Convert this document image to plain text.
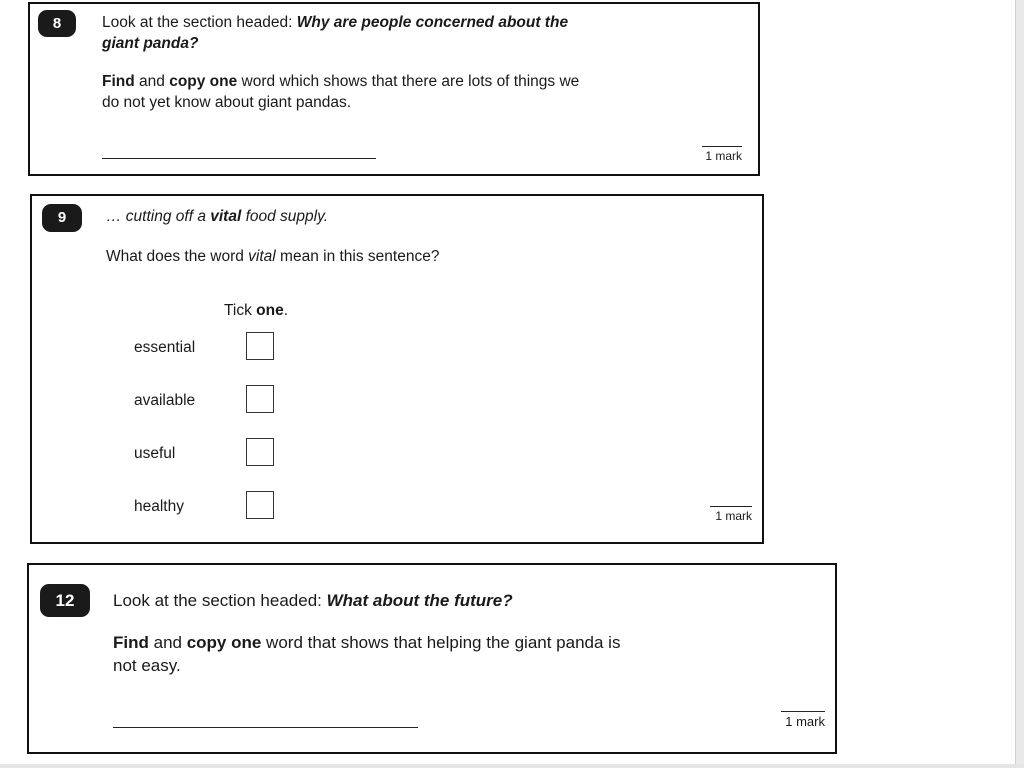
8	Look at the section headed: Why are people concerned about the
giant panda?
Find and copy one word which shows that there are lots of things we
do not yet know about giant pandas.
1 mark
9	… cutting off a vital food supply.
What does the word vital mean in this sentence?
Tick one.
essential
available
useful
healthy
1 mark
12	Look at the section headed: What about the future?
Find and copy one word that shows that helping the giant panda is
not easy.
1 mark
